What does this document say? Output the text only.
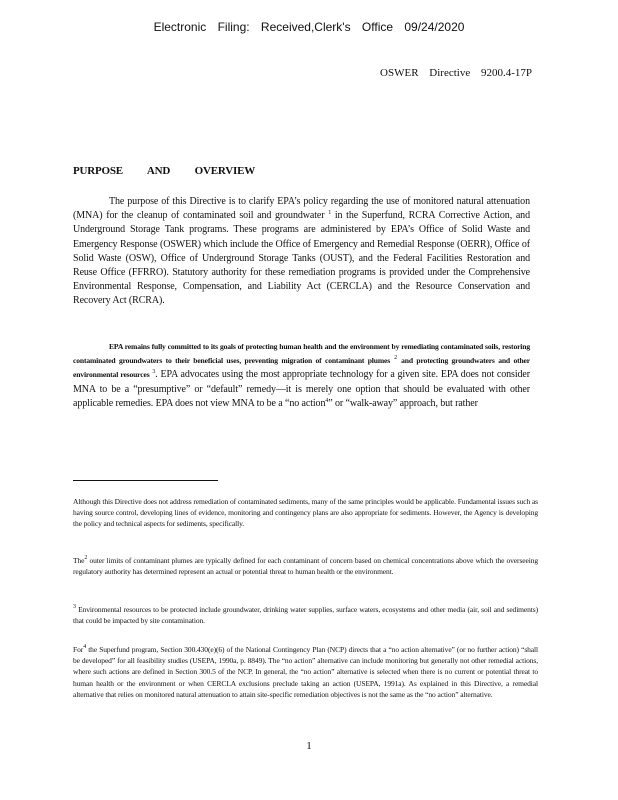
Electronic Filing: Received,Clerk's Office 09/24/2020
OSWER Directive 9200.4-17P
PURPOSE AND OVERVIEW
The purpose of this Directive is to clarify EPA’s policy regarding the use of monitored natural attenuation (MNA) for the cleanup of contaminated soil and groundwater $^1$ in the Superfund, RCRA Corrective Action, and Underground Storage Tank programs. These programs are administered by EPA’s Office of Solid Waste and Emergency Response (OSWER) which include the Office of Emergency and Remedial Response (OERR), Office of Solid Waste (OSW), Office of Underground Storage Tanks (OUST), and the Federal Facilities Restoration and Reuse Office (FFRRO). Statutory authority for these remediation programs is provided under the Comprehensive Environmental Response, Compensation, and Liability Act (CERCLA) and the Resource Conservation and Recovery Act (RCRA).
EPA remains fully committed to its goals of protecting human health and the environment by remediating contaminated soils, restoring contaminated groundwaters to their beneficial uses, preventing migration of contaminant plumes $^2$ and protecting groundwaters and other environmental resources $^3$. EPA advocates using the most appropriate technology for a given site. EPA does not consider MNA to be a “presumptive” or “default” remedy—it is merely one option that should be evaluated with other applicable remedies. EPA does not view MNA to be a “no action$^4$” or “walk-away” approach, but rather
Although this Directive does not address remediation of contaminated sediments, many of the same principles would be applicable. Fundamental issues such as having source control, developing lines of evidence, monitoring and contingency plans are also appropriate for sediments. However, the Agency is developing the policy and technical aspects for sediments, specifically.
The$^2$ outer limits of contaminant plumes are typically defined for each contaminant of concern based on chemical concentrations above which the overseeing regulatory authority has determined represent an actual or potential threat to human health or the environment.
$^3$ Environmental resources to be protected include groundwater, drinking water supplies, surface waters, ecosystems and other media (air, soil and sediments) that could be impacted by site contamination.
For$^4$ the Superfund program, Section 300.430(e)(6) of the National Contingency Plan (NCP) directs that a “no action alternative” (or no further action) “shall be developed” for all feasibility studies (USEPA, 1990a, p. 8849). The “no action” alternative can include monitoring but generally not other remedial actions, where such actions are defined in Section 300.5 of the NCP. In general, the “no action” alternative is selected when there is no current or potential threat to human health or the environment or when CERCLA exclusions preclude taking an action (USEPA, 1991a). As explained in this Directive, a remedial alternative that relies on monitored natural attenuation to attain site-specific remediation objectives is not the same as the “no action” alternative.
1
